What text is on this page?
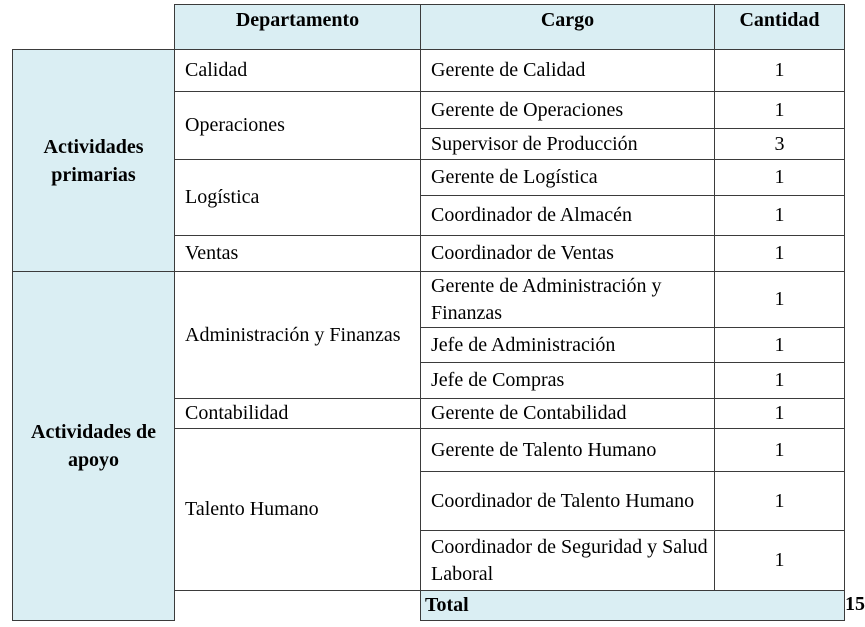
	Departamento	Cargo	Cantidad	
Actividades primarias	Calidad	Gerente de Calidad	1	
	Operaciones	Gerente de Operaciones	1	
		Supervisor de Producción	3	
	Logística	Gerente de Logística	1	
		Coordinador de Almacén	1	
	Ventas	Coordinador de Ventas	1	
Actividades de apoyo	Administración y Finanzas	Gerente de Administración y Finanzas	1	
		Jefe de Administración	1	
		Jefe de Compras	1	
	Contabilidad	Gerente de Contabilidad	1	
	Talento Humano	Gerente de Talento Humano	1	
		Coordinador de Talento Humano	1	
		Coordinador de Seguridad y Salud Laboral	1	
		Total		15
